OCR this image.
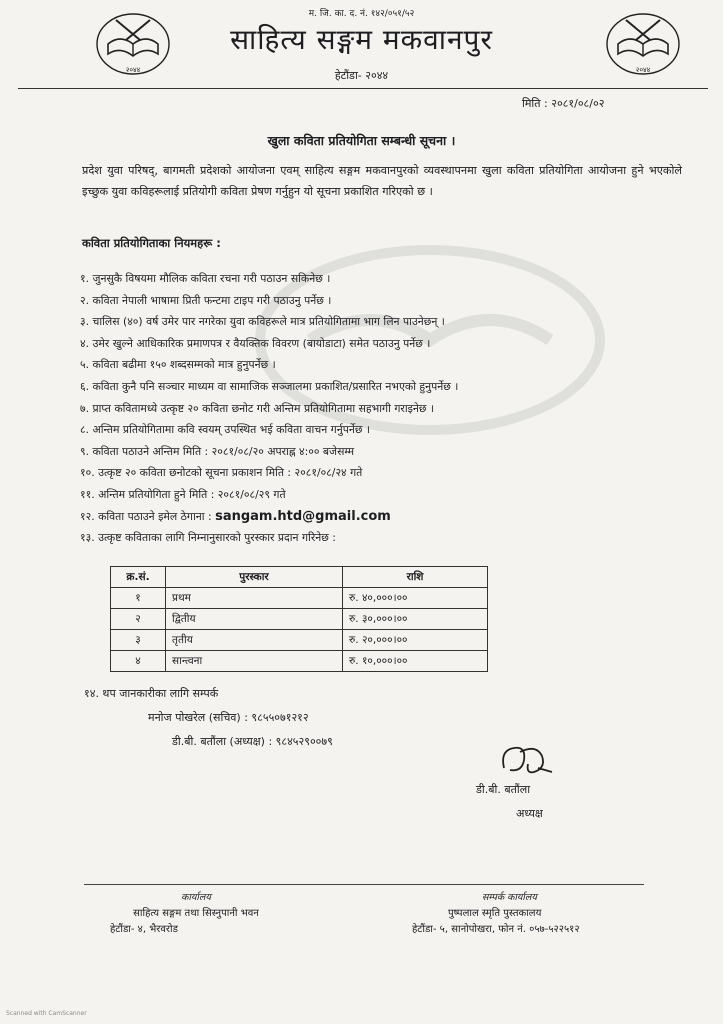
म. जि. का. द. नं. १४२/०५१/५२
२०४४	२०४४
साहित्य सङ्गम मकवानपुर
हेटौंडा- २०४४
मिति : २०८१/०८/०२
खुला कविता प्रतियोगिता सम्बन्धी सूचना ।
प्रदेश युवा परिषद्, बागमती प्रदेशको आयोजना एवम् साहित्य सङ्गम मकवानपुरको व्यवस्थापनमा खुला कविता प्रतियोगिता आयोजना हुने भएकोले इच्छुक युवा कविहरूलाई प्रतियोगी कविता प्रेषण गर्नुहुन यो सूचना प्रकाशित गरिएको छ ।
कविता प्रतियोगिताका नियमहरू :
१. जुनसुकै विषयमा मौलिक कविता रचना गरी पठाउन सकिनेछ ।
२. कविता नेपाली भाषामा प्रिती फन्टमा टाइप गरी पठाउनु पर्नेछ ।
३. चालिस (४०) वर्ष उमेर पार नगरेका युवा कविहरूले मात्र प्रतियोगितामा भाग लिन पाउनेछन् ।
४. उमेर खुल्ने आधिकारिक प्रमाणपत्र र वैयक्तिक विवरण (बायोडाटा) समेत पठाउनु पर्नेछ ।
५. कविता बढीमा १५० शब्दसम्मको मात्र हुनुपर्नेछ ।
६. कविता कुनै पनि सञ्चार माध्यम वा सामाजिक सञ्जालमा प्रकाशित/प्रसारित नभएको हुनुपर्नेछ ।
७. प्राप्त कवितामध्ये उत्कृष्ट २० कविता छनोट गरी अन्तिम प्रतियोगितामा सहभागी गराइनेछ ।
८. अन्तिम प्रतियोगितामा कवि स्वयम् उपस्थित भई कविता वाचन गर्नुपर्नेछ ।
९. कविता पठाउने अन्तिम मिति : २०८१/०८/२० अपराह्न ४:०० बजेसम्म
१०. उत्कृष्ट २० कविता छनोटको सूचना प्रकाशन मिति : २०८१/०८/२४ गते
११. अन्तिम प्रतियोगिता हुने मिति : २०८१/०८/२९ गते
१२. कविता पठाउने इमेल ठेगाना : sangam.htd@gmail.com
१३. उत्कृष्ट कविताका लागि निम्नानुसारको पुरस्कार प्रदान गरिनेछ :
क्र.सं.	पुरस्कार	राशि
१	प्रथम	रु. ४०,०००।००
२	द्वितीय	रु. ३०,०००।००
३	तृतीय	रु. २०,०००।००
४	सान्त्वना	रु. १०,०००।००
१४. थप जानकारीका लागि सम्पर्क
मनोज पोखरेल (सचिव) : ९८५५०७१२१२
डी.बी. बतौंला (अध्यक्ष) : ९८४५२९००७९
डी.बी. बतौंला
अध्यक्ष
कार्यालय
साहित्य सङ्गम तथा सिस्नुपानी भवन
हेटौंडा- ४, भैरवरोड
सम्पर्क कार्यालय
पुष्पलाल स्मृति पुस्तकालय
हेटौंडा- ५, सानोपोखरा, फोन नं. ०५७-५२२५१२
Scanned with CamScanner
